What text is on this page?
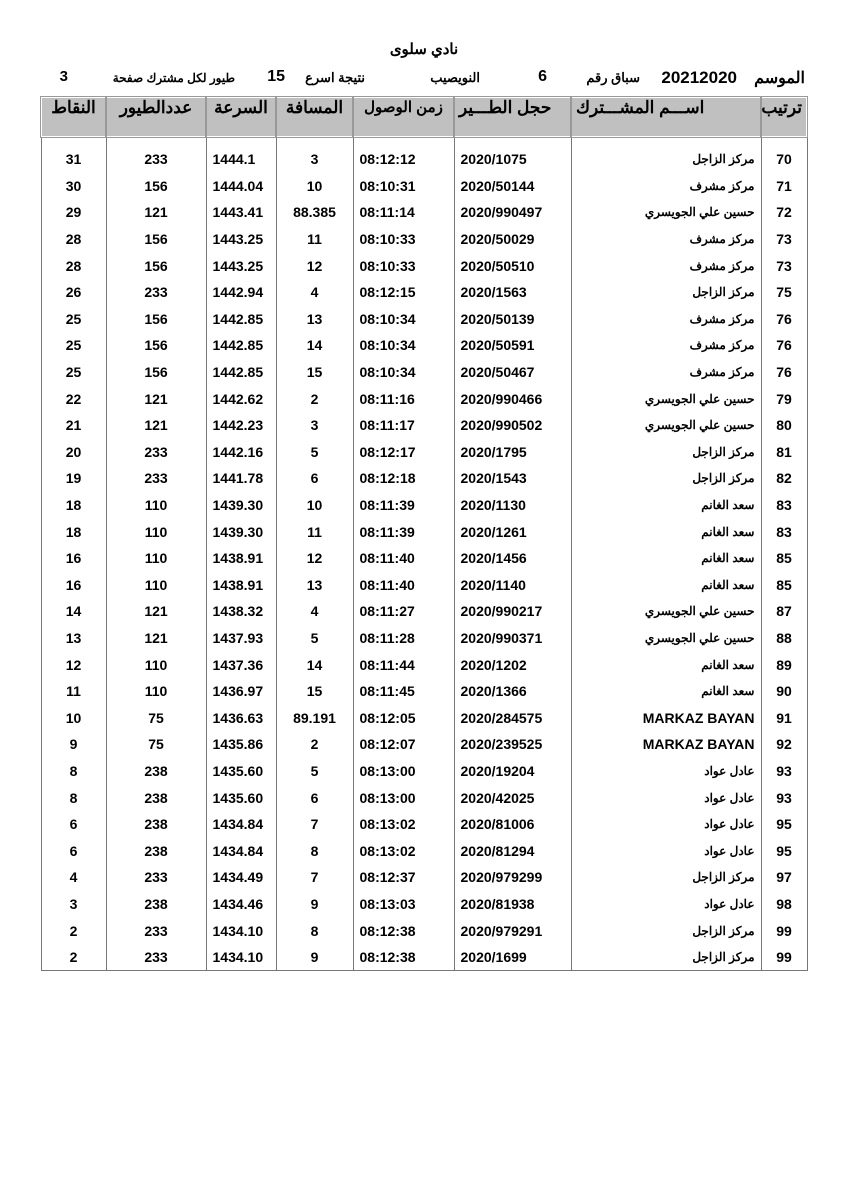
نادي سلوى
الموسم
20212020
سباق رقم
6
النويصيب
نتيجة اسرع
15
طيور لكل مشترك صفحة
3
ترتيب	اســـم المشـــترك	حجل الطـــير	زمن الوصول	المسافة	السرعة	عددالطيور	النقاط

70	مركز الزاجل	2020/1075	08:12:12	3	1444.1	233	31
71	مركز مشرف	2020/50144	08:10:31	10	1444.04	156	30
72	حسين علي الجويسري	2020/990497	08:11:14	88.385	1443.41	121	29
73	مركز مشرف	2020/50029	08:10:33	11	1443.25	156	28
73	مركز مشرف	2020/50510	08:10:33	12	1443.25	156	28
75	مركز الزاجل	2020/1563	08:12:15	4	1442.94	233	26
76	مركز مشرف	2020/50139	08:10:34	13	1442.85	156	25
76	مركز مشرف	2020/50591	08:10:34	14	1442.85	156	25
76	مركز مشرف	2020/50467	08:10:34	15	1442.85	156	25
79	حسين علي الجويسري	2020/990466	08:11:16	2	1442.62	121	22
80	حسين علي الجويسري	2020/990502	08:11:17	3	1442.23	121	21
81	مركز الزاجل	2020/1795	08:12:17	5	1442.16	233	20
82	مركز الزاجل	2020/1543	08:12:18	6	1441.78	233	19
83	سعد الغانم	2020/1130	08:11:39	10	1439.30	110	18
83	سعد الغانم	2020/1261	08:11:39	11	1439.30	110	18
85	سعد الغانم	2020/1456	08:11:40	12	1438.91	110	16
85	سعد الغانم	2020/1140	08:11:40	13	1438.91	110	16
87	حسين علي الجويسري	2020/990217	08:11:27	4	1438.32	121	14
88	حسين علي الجويسري	2020/990371	08:11:28	5	1437.93	121	13
89	سعد الغانم	2020/1202	08:11:44	14	1437.36	110	12
90	سعد الغانم	2020/1366	08:11:45	15	1436.97	110	11
91	MARKAZ BAYAN	2020/284575	08:12:05	89.191	1436.63	75	10
92	MARKAZ BAYAN	2020/239525	08:12:07	2	1435.86	75	9
93	عادل عواد	2020/19204	08:13:00	5	1435.60	238	8
93	عادل عواد	2020/42025	08:13:00	6	1435.60	238	8
95	عادل عواد	2020/81006	08:13:02	7	1434.84	238	6
95	عادل عواد	2020/81294	08:13:02	8	1434.84	238	6
97	مركز الزاجل	2020/979299	08:12:37	7	1434.49	233	4
98	عادل عواد	2020/81938	08:13:03	9	1434.46	238	3
99	مركز الزاجل	2020/979291	08:12:38	8	1434.10	233	2
99	مركز الزاجل	2020/1699	08:12:38	9	1434.10	233	2
